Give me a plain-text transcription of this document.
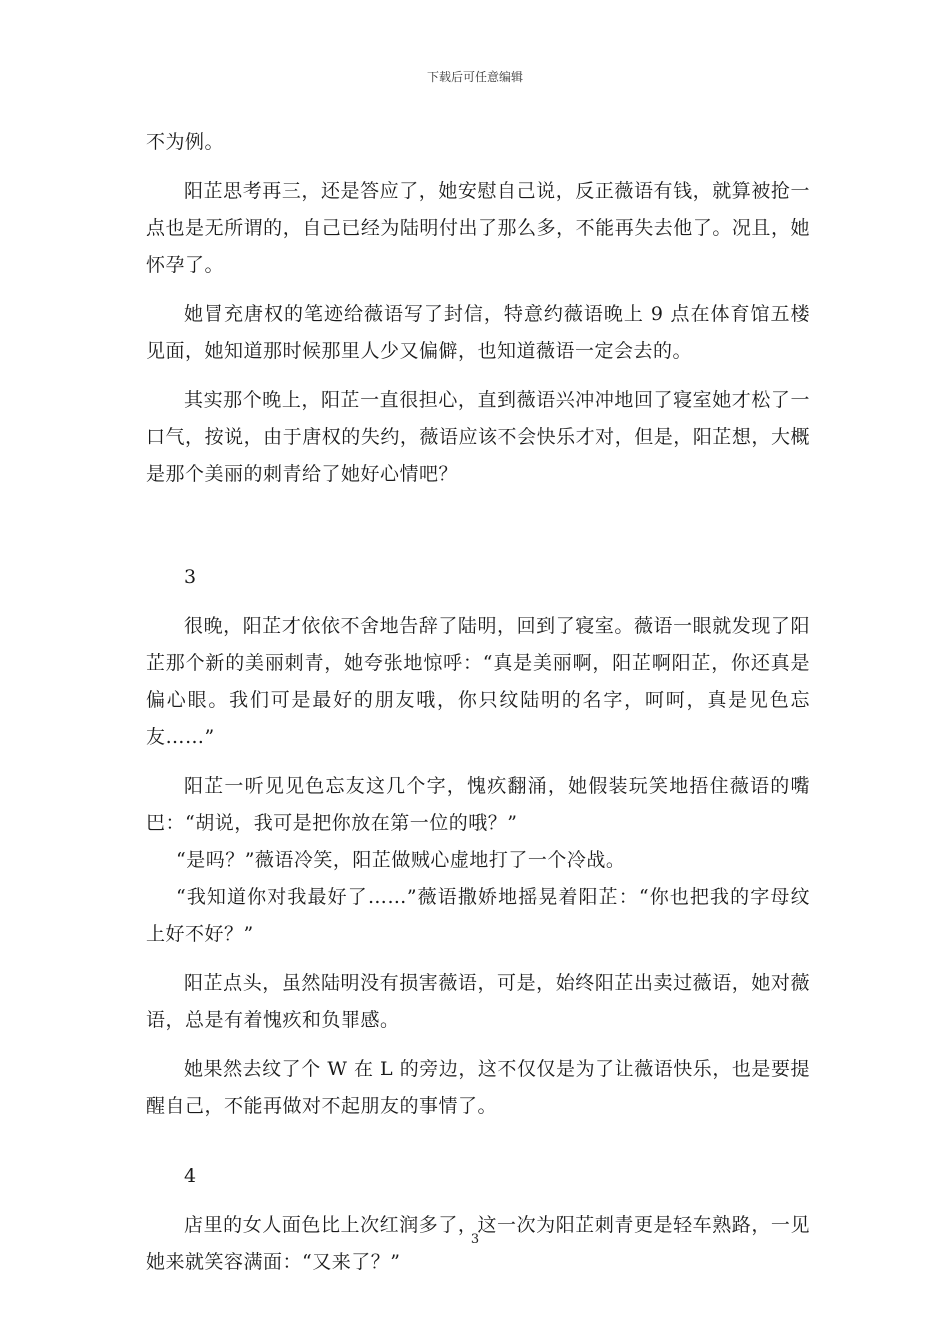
下载后可任意编辑

不为例。

阳芷思考再三，还是答应了，她安慰自己说，反正薇语有钱，就算被抢一点也是无所谓的，自己已经为陆明付出了那么多，不能再失去他了。况且，她怀孕了。

她冒充唐权的笔迹给薇语写了封信，特意约薇语晚上 9 点在体育馆五楼见面，她知道那时候那里人少又偏僻，也知道薇语一定会去的。

其实那个晚上，阳芷一直很担心，直到薇语兴冲冲地回了寝室她才松了一口气，按说，由于唐权的失约，薇语应该不会快乐才对，但是，阳芷想，大概是那个美丽的刺青给了她好心情吧？

3

很晚，阳芷才依依不舍地告辞了陆明，回到了寝室。薇语一眼就发现了阳芷那个新的美丽刺青，她夸张地惊呼：“真是美丽啊，阳芷啊阳芷，你还真是偏心眼。我们可是最好的朋友哦，你只纹陆明的名字，呵呵，真是见色忘友……”

阳芷一听见见色忘友这几个字，愧疚翻涌，她假装玩笑地捂住薇语的嘴巴：“胡说，我可是把你放在第一位的哦？”

“是吗？”薇语冷笑，阳芷做贼心虚地打了一个冷战。

“我知道你对我最好了……”薇语撒娇地摇晃着阳芷：“你也把我的字母纹上好不好？”

阳芷点头，虽然陆明没有损害薇语，可是，始终阳芷出卖过薇语，她对薇语，总是有着愧疚和负罪感。

她果然去纹了个 W 在 L 的旁边，这不仅仅是为了让薇语快乐，也是要提醒自己，不能再做对不起朋友的事情了。

4

店里的女人面色比上次红润多了，这一次为阳芷刺青更是轻车熟路，一见她来就笑容满面：“又来了？”

3
